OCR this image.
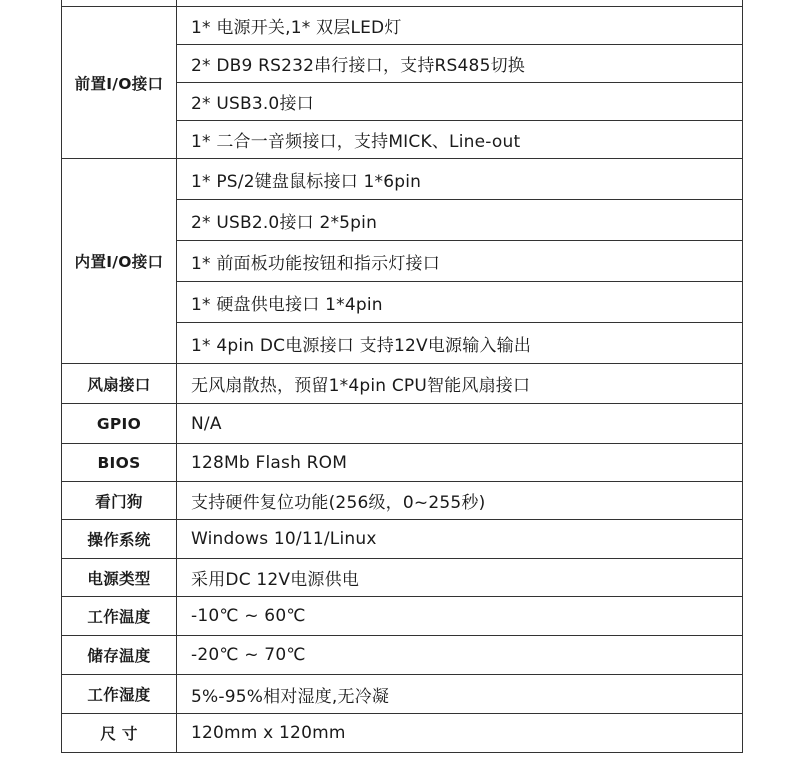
前置I/O接口	1* 电源开关,1* 双层LED灯
	2* DB9 RS232串行接口，支持RS485切换
	2* USB3.0接口
	1* 二合一音频接口，支持MICK、Line-out
内置I/O接口	1* PS/2键盘鼠标接口 1*6pin
	2* USB2.0接口 2*5pin
	1* 前面板功能按钮和指示灯接口
	1* 硬盘供电接口 1*4pin
	1* 4pin DC电源接口 支持12V电源输入输出
风扇接口	无风扇散热，预留1*4pin CPU智能风扇接口
GPIO	N/A
BIOS	128Mb Flash ROM
看门狗	支持硬件复位功能(256级，0~255秒)
操作系统	Windows 10/11/Linux
电源类型	采用DC 12V电源供电
工作温度	-10℃ ~ 60℃
储存温度	-20℃ ~ 70℃
工作湿度	5%-95%相对湿度,无冷凝
尺 寸	120mm x 120mm
